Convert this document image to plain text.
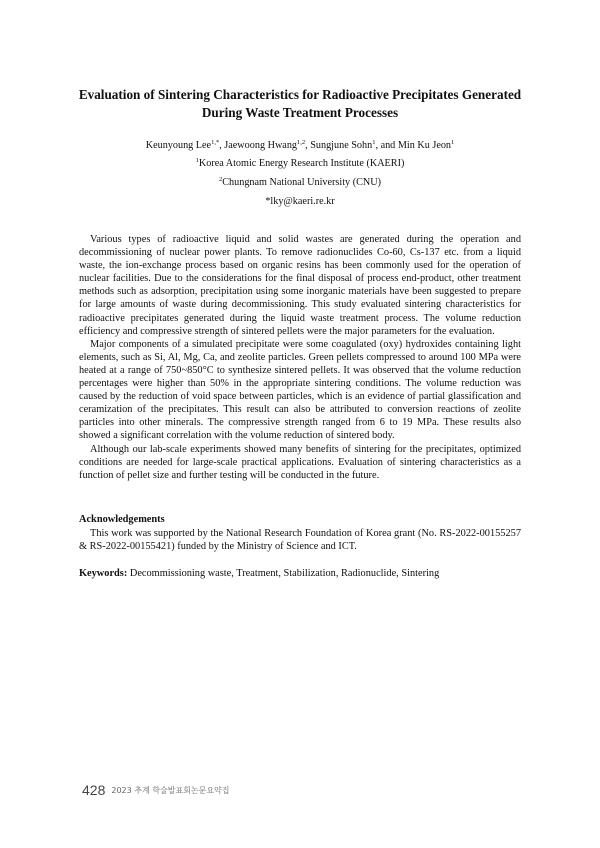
Evaluation of Sintering Characteristics for Radioactive Precipitates Generated
During Waste Treatment Processes
Keunyoung Lee$^{1,*}$, Jaewoong Hwang$^{1,2}$, Sungjune Sohn$^1$, and Min Ku Jeon$^1$
$^1$Korea Atomic Energy Research Institute (KAERI)
$^2$Chungnam National University (CNU)
*lky@kaeri.re.kr

Various types of radioactive liquid and solid wastes are generated during the operation and decommissioning of nuclear power plants. To remove radionuclides Co-60, Cs-137 etc. from a liquid waste, the ion-exchange process based on organic resins has been commonly used for the operation of nuclear facilities. Due to the considerations for the final disposal of process end-product, other treatment methods such as adsorption, precipitation using some inorganic materials have been suggested to prepare for large amounts of waste during decommissioning. This study evaluated sintering characteristics for radioactive precipitates generated during the liquid waste treatment process. The volume reduction efficiency and compressive strength of sintered pellets were the major parameters for the evaluation.

Major components of a simulated precipitate were some coagulated (oxy) hydroxides containing light elements, such as Si, Al, Mg, Ca, and zeolite particles. Green pellets compressed to around 100 MPa were heated at a range of 750~850°C to synthesize sintered pellets. It was observed that the volume reduction percentages were higher than 50% in the appropriate sintering conditions. The volume reduction was caused by the reduction of void space between particles, which is an evidence of partial glassification and ceramization of the precipitates. This result can also be attributed to conversion reactions of zeolite particles into other minerals. The compressive strength ranged from 6 to 19 MPa. These results also showed a significant correlation with the volume reduction of sintered body.

Although our lab-scale experiments showed many benefits of sintering for the precipitates, optimized conditions are needed for large-scale practical applications. Evaluation of sintering characteristics as a function of pellet size and further testing will be conducted in the future.

Acknowledgements

This work was supported by the National Research Foundation of Korea grant (No. RS-2022-00155257 & RS-2022-00155421) funded by the Ministry of Science and ICT.

Keywords: Decommissioning waste, Treatment, Stabilization, Radionuclide, Sintering
428 2023 추계 학술발표회논문요약집
